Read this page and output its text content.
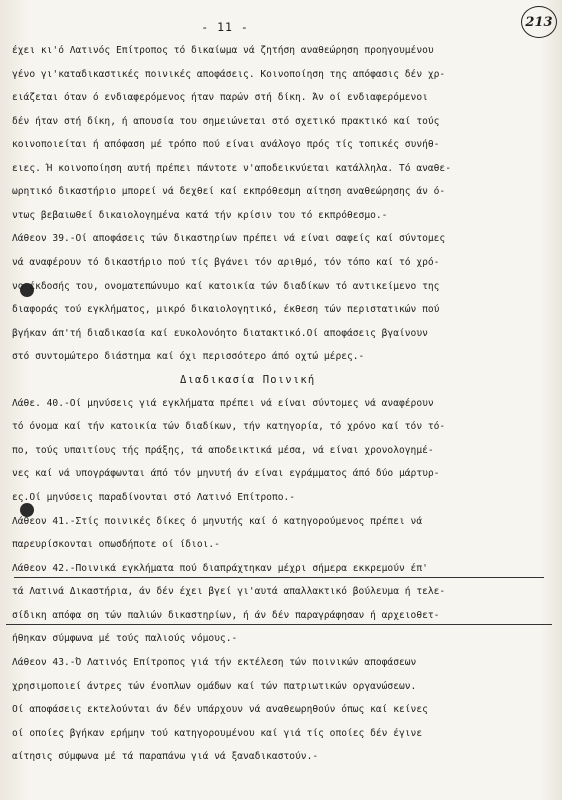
- 11 -	213
έχει κι'ό Λατινός Επίτροπος τό δικαίωμα νά ζητήση αναθεώρηση προηγουμένου
γένο γι'καταδικαστικές ποινικές αποφάσεις. Κοινοποίηση της απόφασις δέν χρ-
ειάζεται όταν ό ενδιαφερόμενος ήταν παρών στή δίκη. Άν οί ενδιαφερόμενοι
δέν ήταν στή δίκη, ή απουσία του σημειώνεται στό σχετικό πρακτικό καί τούς
κοινοποιείται ή απόφαση μέ τρόπο πού είναι ανάλογο πρός τίς τοπικές συνήθ-
ειες. Ή κοινοποίηση αυτή πρέπει πάντοτε ν'αποδεικνύεται κατάλληλα. Τό αναθε-
ωρητικό δικαστήριο μπορεί νά δεχθεί καί εκπρόθεσμη αίτηση αναθεώρησης άν ό-
ντως βεβαιωθεί δικαιολογημένα κατά τήν κρίσιν του τό εκπρόθεσμο.-
Λάθεον 39.-Οί αποφάσεις τών δικαστηρίων πρέπει νά είναι σαφείς καί σύντομες
νά αναφέρουν τό δικαστήριο πού τίς βγάνει τόν αριθμό, τόν τόπο καί τό χρό-
νο έκδοσής του, ονοματεπώνυμο καί κατοικία τών διαδίκων τό αντικείμενο της
διαφοράς τού εγκλήματος, μικρό δικαιολογητικό, έκθεση τών περιστατικών πού
βγήκαν άπ'τή διαδικασία καί ευκολονόητο διατακτικό.Οί αποφάσεις βγαίνουν
στό συντομώτερο διάστημα καί όχι περισσότερο άπό οχτώ μέρες.-
Διαδικασία Ποινική
Λάθε. 40.-Οί μηνύσεις γιά εγκλήματα πρέπει νά είναι σύντομες νά αναφέρουν
τό όνομα καί τήν κατοικία τών διαδίκων, τήν κατηγορία, τό χρόνο καί τόν τό-
πο, τούς υπαιτίους τής πράξης, τά αποδεικτικά μέσα, νά είναι χρονολογημέ-
νες καί νά υπογράφωνται άπό τόν μηνυτή άν είναι εγράμματος άπό δύο μάρτυρ-
ες.Οί μηνύσεις παραδίνονται στό Λατινό Επίτροπο.-
Λάθεον 41.-Στίς ποινικές δίκες ό μηνυτής καί ό κατηγορούμενος πρέπει νά
παρευρίσκονται οπωσδήποτε οί ίδιοι.-
Λάθεον 42.-Ποινικά εγκλήματα πού διαπράχτηκαν μέχρι σήμερα εκκρεμούν έπ'
τά Λατινά Δικαστήρια, άν δέν έχει βγεί γι'αυτά απαλλακτικό βούλευμα ή τελε-
σίδικη απόφα ση τών παλιών δικαστηρίων, ή άν δέν παραγράφησαν ή αρχειοθετ-
ήθηκαν σύμφωνα μέ τούς παλιούς νόμους.-
Λάθεον 43.-Ό Λατινός Επίτροπος γιά τήν εκτέλεση τών ποινικών αποφάσεων
χρησιμοποιεί άντρες τών ένοπλων ομάδων καί τών πατριωτικών οργανώσεων.
Οί αποφάσεις εκτελούνται άν δέν υπάρχουν νά αναθεωρηθούν όπως καί κείνες
οί οποίες βγήκαν ερήμην τού κατηγορουμένου καί γιά τίς οποίες δέν έγινε
αίτησις σύμφωνα μέ τά παραπάνω γιά νά ξαναδικαστούν.-
